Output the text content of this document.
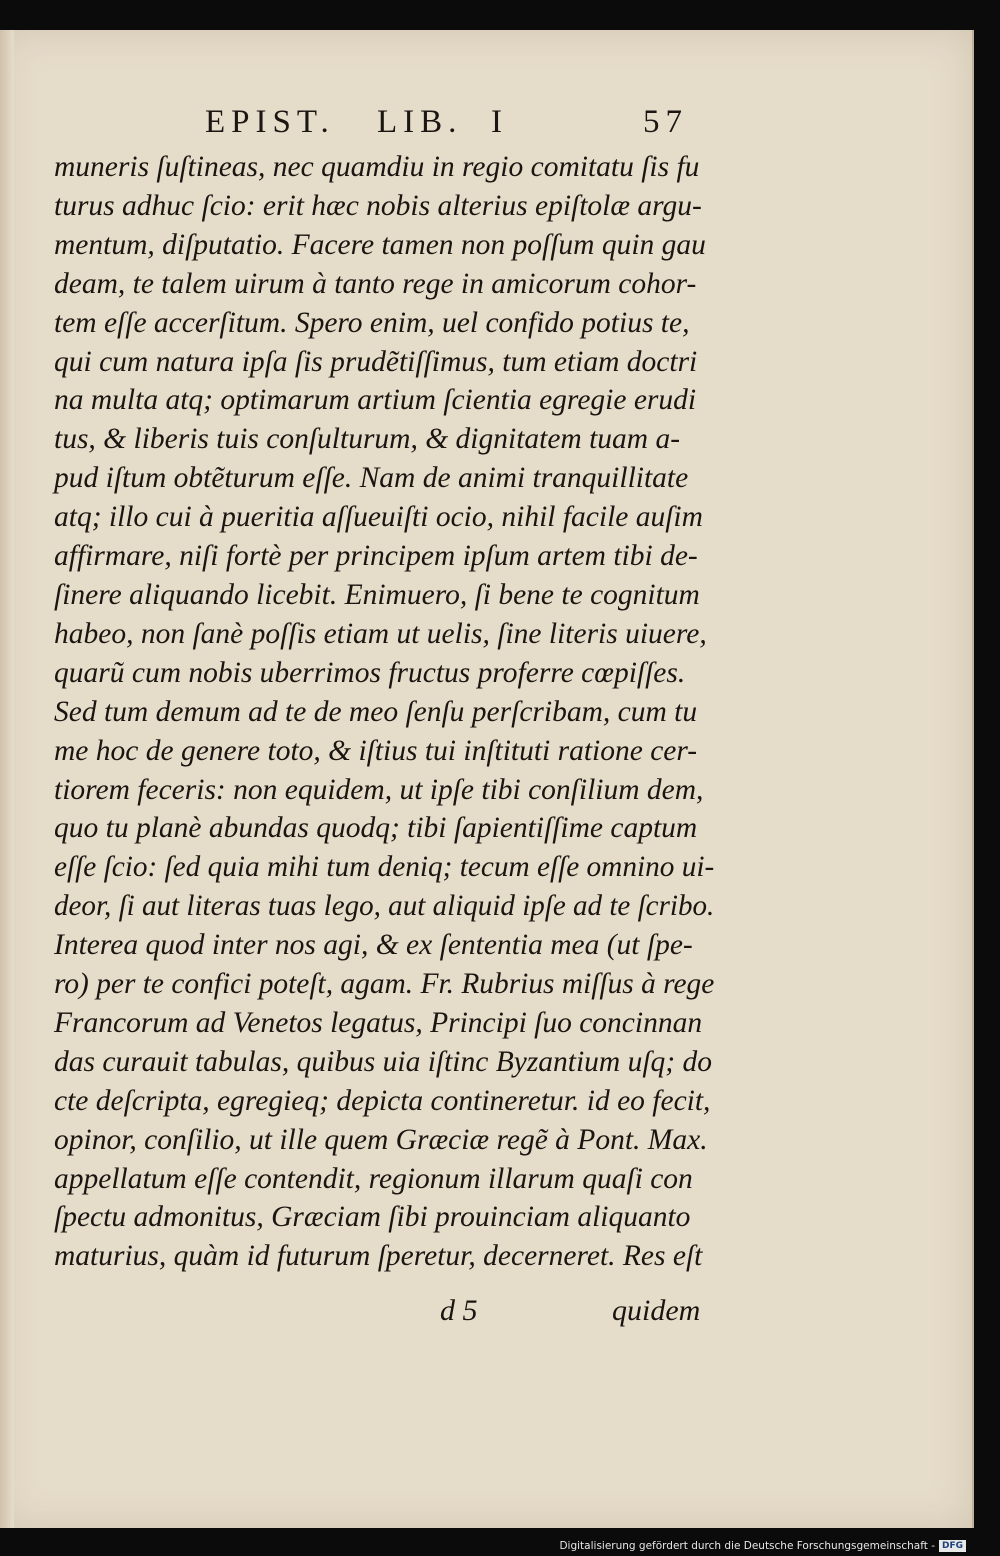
EPIST. LIB. I	57
muneris ſuſtineas, nec quamdiu in regio comitatu ſis fu
turus adhuc ſcio: erit hæc nobis alterius epiſtolæ argu-
mentum, diſputatio. Facere tamen non poſſum quin gau
deam, te talem uirum à tanto rege in amicorum cohor-
tem eſſe accerſitum. Spero enim, uel confido potius te,
qui cum natura ipſa ſis prudẽtiſſimus, tum etiam doctri
na multa atq; optimarum artium ſcientia egregie erudi
tus, & liberis tuis conſulturum, & dignitatem tuam a-
pud iſtum obtẽturum eſſe. Nam de animi tranquillitate
atq; illo cui à pueritia aſſueuiſti ocio, nihil facile auſim
affirmare, niſi fortè per principem ipſum artem tibi de-
ſinere aliquando licebit. Enimuero, ſi bene te cognitum
habeo, non ſanè poſſis etiam ut uelis, ſine literis uiuere,
quarũ cum nobis uberrimos fructus proferre cœpiſſes.
Sed tum demum ad te de meo ſenſu perſcribam, cum tu
me hoc de genere toto, & iſtius tui inſtituti ratione cer-
tiorem feceris: non equidem, ut ipſe tibi conſilium dem,
quo tu planè abundas quodq; tibi ſapientiſſime captum
eſſe ſcio: ſed quia mihi tum deniq; tecum eſſe omnino ui-
deor, ſi aut literas tuas lego, aut aliquid ipſe ad te ſcribo.
Interea quod inter nos agi, & ex ſententia mea (ut ſpe-
ro) per te confici poteſt, agam. Fr. Rubrius miſſus à rege
Francorum ad Venetos legatus, Principi ſuo concinnan
das curauit tabulas, quibus uia iſtinc Byzantium uſq; do
cte deſcripta, egregieq; depicta contineretur. id eo fecit,
opinor, conſilio, ut ille quem Græciæ regẽ à Pont. Max.
appellatum eſſe contendit, regionum illarum quaſi con
ſpectu admonitus, Græciam ſibi prouinciam aliquanto
maturius, quàm id futurum ſperetur, decerneret. Res eſt
d 5	quidem
Digitalisierung gefördert durch die Deutsche Forschungsgemeinschaft - DFG
